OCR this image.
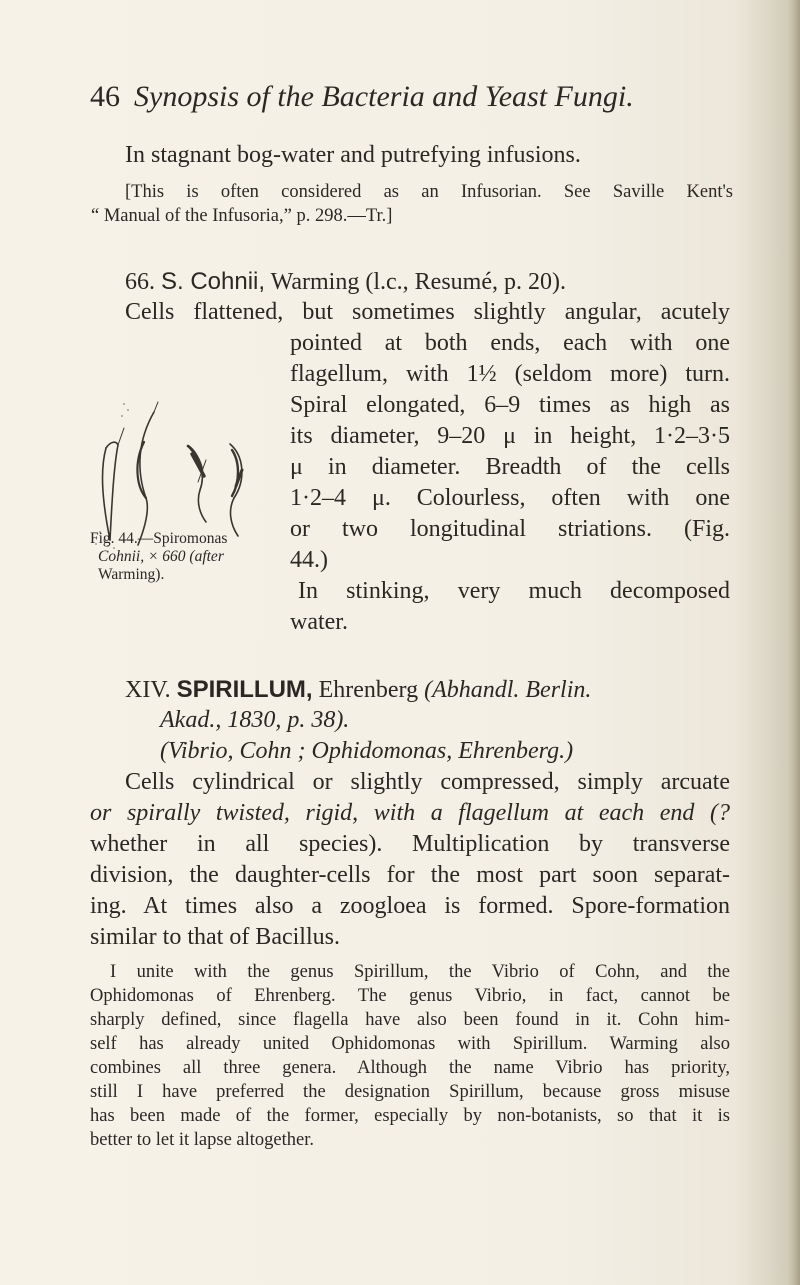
46 Synopsis of the Bacteria and Yeast Fungi.
In stagnant bog-water and putrefying infusions.
[This is often considered as an Infusorian. See Saville Kent's
“ Manual of the Infusoria,” p. 298.—Tr.]
66. S. Cohnii, Warming (l.c., Resumé, p. 20).
Cells flattened, but sometimes slightly angular, acutely
Fig. 44.—Spiromonas
Cohnii, × 660 (after
Warming).
pointed at both ends, each with one
flagellum, with 1½ (seldom more) turn.
Spiral elongated, 6–9 times as high as
its diameter, 9–20 μ in height, 1·2–3·5
μ in diameter. Breadth of the cells
1·2–4 μ. Colourless, often with one
or two longitudinal striations. (Fig.
44.)
In stinking, very much decomposed
water.
XIV. SPIRILLUM, Ehrenberg (Abhandl. Berlin.
Akad., 1830, p. 38).
(Vibrio, Cohn ; Ophidomonas, Ehrenberg.)
Cells cylindrical or slightly compressed, simply arcuate
or spirally twisted, rigid, with a flagellum at each end (?
whether in all species). Multiplication by transverse
division, the daughter-cells for the most part soon separat-
ing. At times also a zoogloea is formed. Spore-formation
similar to that of Bacillus.
I unite with the genus Spirillum, the Vibrio of Cohn, and the
Ophidomonas of Ehrenberg. The genus Vibrio, in fact, cannot be
sharply defined, since flagella have also been found in it. Cohn him-
self has already united Ophidomonas with Spirillum. Warming also
combines all three genera. Although the name Vibrio has priority,
still I have preferred the designation Spirillum, because gross misuse
has been made of the former, especially by non-botanists, so that it is
better to let it lapse altogether.
